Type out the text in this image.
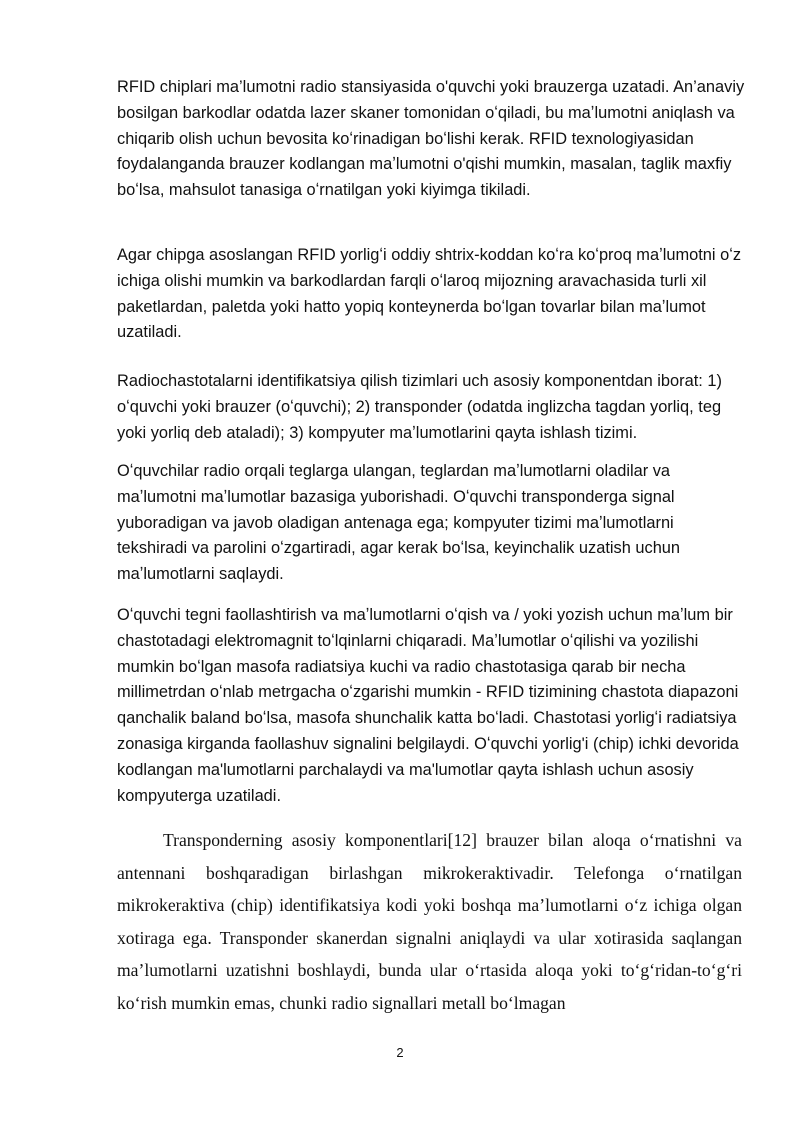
RFID chiplari ma’lumotni radio stansiyasida o'quvchi yoki brauzerga uzatadi. An’anaviy bosilgan barkodlar odatda lazer skaner tomonidan oʻqiladi, bu maʼlumotni aniqlash va chiqarib olish uchun bevosita koʻrinadigan boʻlishi kerak. RFID texnologiyasidan foydalanganda brauzer kodlangan maʼlumotni o'qishi mumkin, masalan, taglik maxfiy boʻlsa, mahsulot tanasiga oʻrnatilgan yoki kiyimga tikiladi.

Agar chipga asoslangan RFID yorligʻi oddiy shtrix-koddan koʻra koʻproq maʼlumotni oʻz ichiga olishi mumkin va barkodlardan farqli oʻlaroq mijozning aravachasida turli xil paketlardan, paletda yoki hatto yopiq konteynerda boʻlgan tovarlar bilan maʼlumot uzatiladi.

Radiochastotalarni identifikatsiya qilish tizimlari uch asosiy komponentdan iborat: 1) oʻquvchi yoki brauzer (oʻquvchi); 2) transponder (odatda inglizcha tagdan yorliq, teg yoki yorliq deb ataladi); 3) kompyuter maʼlumotlarini qayta ishlash tizimi.

Oʻquvchilar radio orqali teglarga ulangan, teglardan maʼlumotlarni oladilar va maʼlumotni maʼlumotlar bazasiga yuborishadi. Oʻquvchi transponderga signal yuboradigan va javob oladigan antenaga ega; kompyuter tizimi maʼlumotlarni tekshiradi va parolini oʻzgartiradi, agar kerak boʻlsa, keyinchalik uzatish uchun maʼlumotlarni saqlaydi.

Oʻquvchi tegni faollashtirish va maʼlumotlarni oʻqish va / yoki yozish uchun maʼlum bir chastotadagi elektromagnit toʻlqinlarni chiqaradi. Maʼlumotlar oʻqilishi va yozilishi mumkin boʻlgan masofa radiatsiya kuchi va radio chastotasiga qarab bir necha millimetrdan oʻnlab metrgacha oʻzgarishi mumkin - RFID tizimining chastota diapazoni qanchalik baland boʻlsa, masofa shunchalik katta boʻladi. Chastotasi yorligʻi radiatsiya zonasiga kirganda faollashuv signalini belgilaydi. Oʻquvchi yorlig'i (chip) ichki devorida kodlangan ma'lumotlarni parchalaydi va ma'lumotlar qayta ishlash uchun asosiy kompyuterga uzatiladi.

Transponderning asosiy komponentlari[12] brauzer bilan aloqa oʻrnatishni va antennani boshqaradigan birlashgan mikrokeraktivadir. Telefonga oʻrnatilgan mikrokeraktiva (chip) identifikatsiya kodi yoki boshqa maʼlumotlarni oʻz ichiga olgan xotiraga ega. Transponder skanerdan signalni aniqlaydi va ular xotirasida saqlangan maʼlumotlarni uzatishni boshlaydi, bunda ular oʻrtasida aloqa yoki toʻgʻridan-toʻgʻri koʻrish mumkin emas, chunki radio signallari metall boʻlmagan

2
